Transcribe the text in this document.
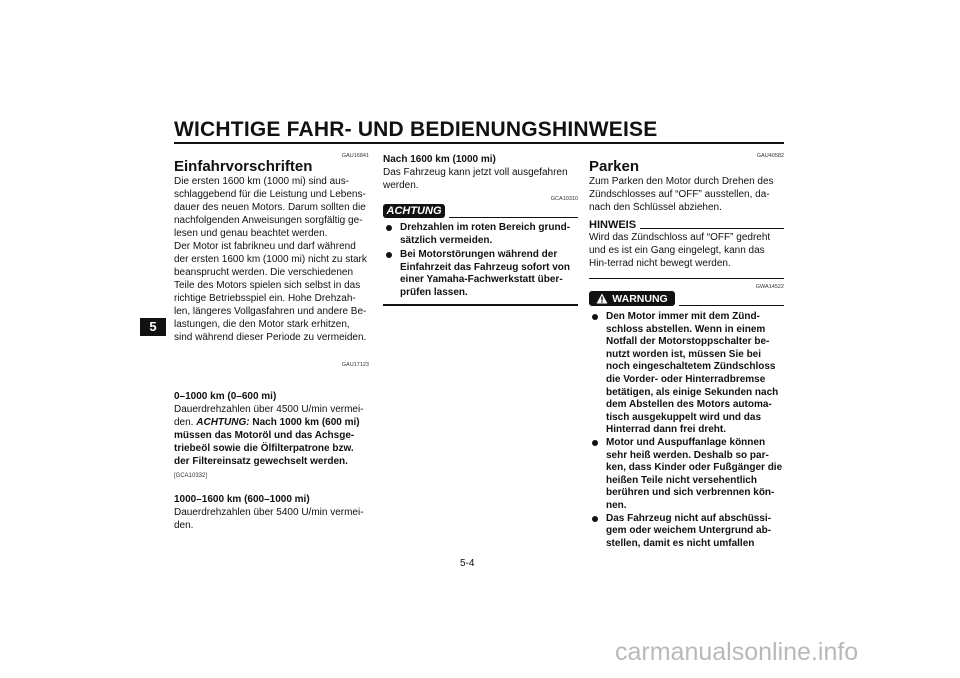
WICHTIGE FAHR- UND BEDIENUNGSHINWEISE
5
GAU16841
Einfahrvorschriften
Die ersten 1600 km (1000 mi) sind aus-schlaggebend für die Leistung und Lebens-dauer des neuen Motors. Darum sollten die nachfolgenden Anweisungen sorgfältig ge-lesen und genau beachtet werden.
Der Motor ist fabrikneu und darf während der ersten 1600 km (1000 mi) nicht zu stark beansprucht werden. Die verschiedenen Teile des Motors spielen sich selbst in das richtige Betriebsspiel ein. Hohe Drehzah-len, längeres Vollgasfahren und andere Be-lastungen, die den Motor stark erhitzen, sind während dieser Periode zu vermeiden.
GAU17123
0–1000 km (0–600 mi)
Dauerdrehzahlen über 4500 U/min vermei-den. ACHTUNG: Nach 1000 km (600 mi) müssen das Motoröl und das Achsge-triebeöl sowie die Ölfilterpatrone bzw. der Filtereinsatz gewechselt werden.
[GCA10332]
1000–1600 km (600–1000 mi)
Dauerdrehzahlen über 5400 U/min vermei-den.
Nach 1600 km (1000 mi)
Das Fahrzeug kann jetzt voll ausgefahren werden.
GCA10310
ACHTUNG
Drehzahlen im roten Bereich grund-sätzlich vermeiden.
Bei Motorstörungen während der Einfahrzeit das Fahrzeug sofort von einer Yamaha-Fachwerkstatt über-prüfen lassen.
GAU40582
Parken
Zum Parken den Motor durch Drehen des Zündschlosses auf “OFF” ausstellen, da-nach den Schlüssel abziehen.
HINWEIS
Wird das Zündschloss auf “OFF” gedreht und es ist ein Gang eingelegt, kann das Hin-terrad nicht bewegt werden.
GWA14522
WARNUNG
Den Motor immer mit dem Zünd-schloss abstellen. Wenn in einem Notfall der Motorstoppschalter be-nutzt worden ist, müssen Sie bei noch eingeschaltetem Zündschloss die Vorder- oder Hinterradbremse betätigen, als einige Sekunden nach dem Abstellen des Motors automa-tisch ausgekuppelt wird und das Hinterrad dann frei dreht.
Motor und Auspuffanlage können sehr heiß werden. Deshalb so par-ken, dass Kinder oder Fußgänger die heißen Teile nicht versehentlich berühren und sich verbrennen kön-nen.
Das Fahrzeug nicht auf abschüssi-gem oder weichem Untergrund ab-stellen, damit es nicht umfallen
5-4
carmanualsonline.info
